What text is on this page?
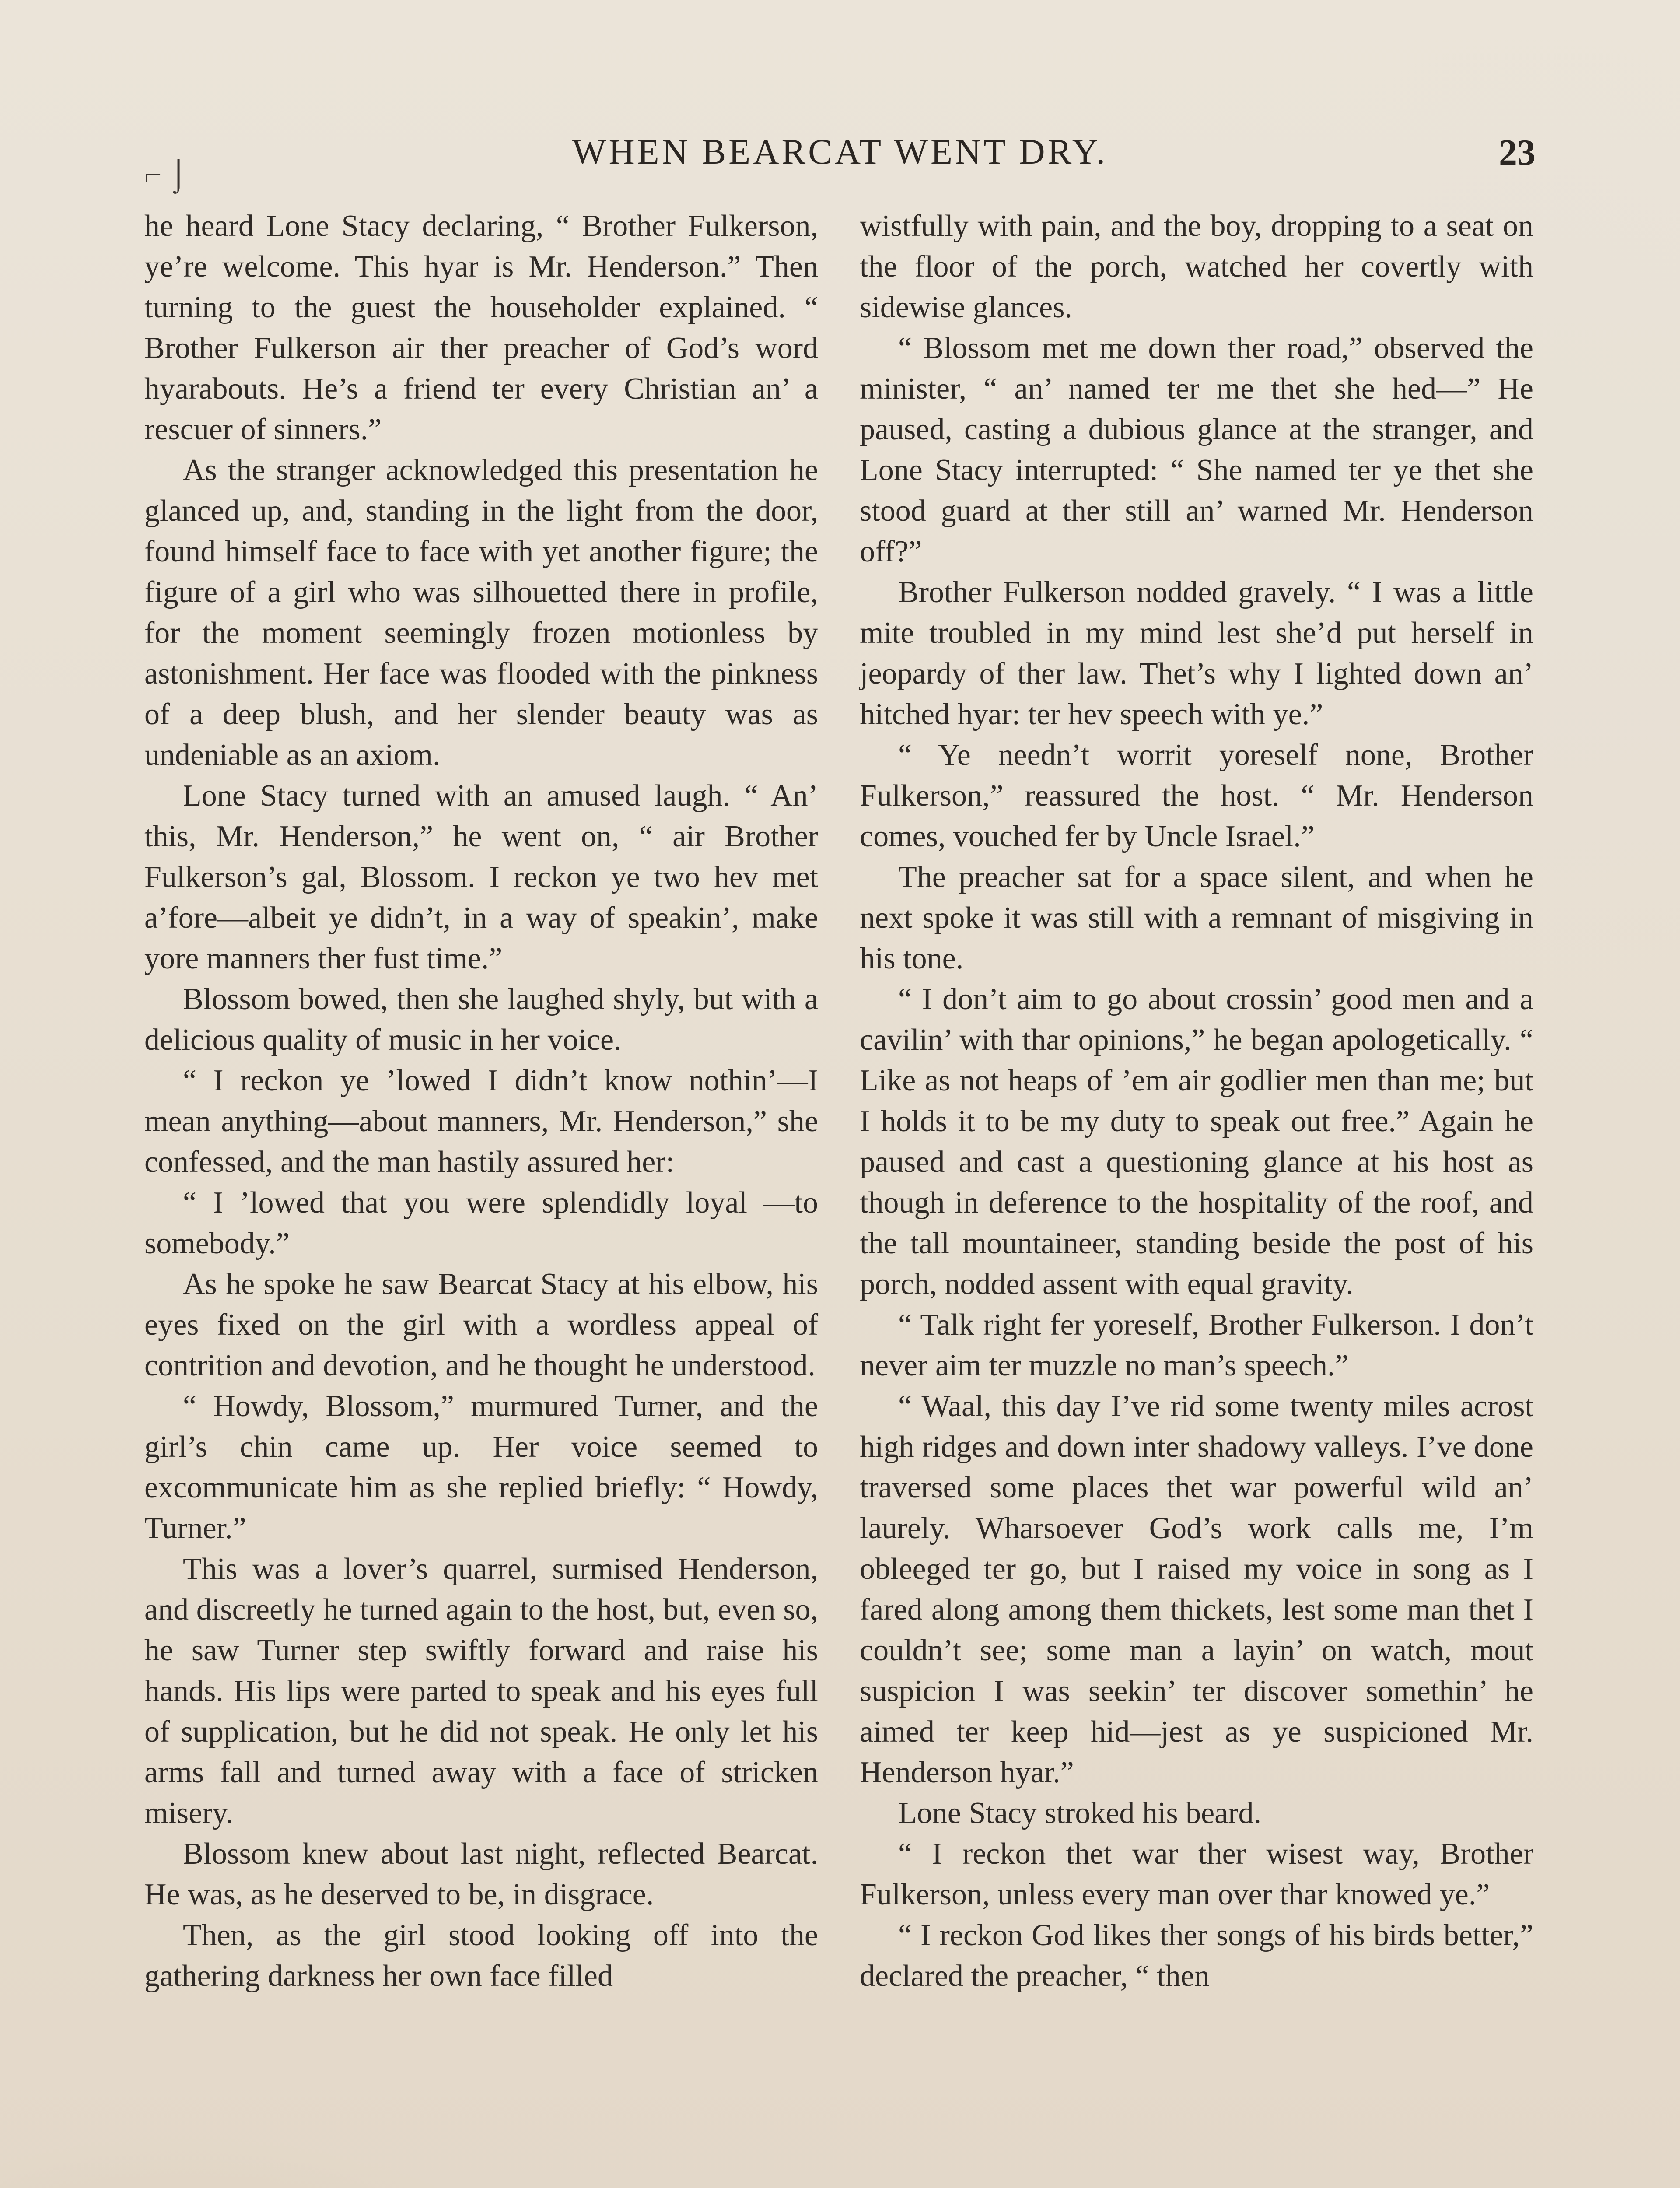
⌐ ⌡
WHEN BEARCAT WENT DRY.	23

he heard Lone Stacy declaring, “ Brother Fulkerson, ye’re welcome. This hyar is Mr. Henderson.” Then turning to the guest the householder explained. “ Brother Fulkerson air ther preacher of God’s word hyarabouts. He’s a friend ter every Christian an’ a rescuer of sinners.”

As the stranger acknowledged this presentation he glanced up, and, standing in the light from the door, found himself face to face with yet another figure; the figure of a girl who was silhouetted there in profile, for the moment seemingly frozen motionless by astonishment. Her face was flooded with the pinkness of a deep blush, and her slender beauty was as undeniable as an axiom.

Lone Stacy turned with an amused laugh. “ An’ this, Mr. Henderson,” he went on, “ air Brother Fulkerson’s gal, Blossom. I reckon ye two hev met a’fore—albeit ye didn’t, in a way of speakin’, make yore manners ther fust time.”

Blossom bowed, then she laughed shyly, but with a delicious quality of music in her voice.

“ I reckon ye ’lowed I didn’t know nothin’—I mean anything—about manners, Mr. Henderson,” she confessed, and the man hastily assured her:

“ I ’lowed that you were splendidly loyal —to somebody.”

As he spoke he saw Bearcat Stacy at his elbow, his eyes fixed on the girl with a wordless appeal of contrition and devotion, and he thought he understood.

“ Howdy, Blossom,” murmured Turner, and the girl’s chin came up. Her voice seemed to excommunicate him as she replied briefly: “ Howdy, Turner.”

This was a lover’s quarrel, surmised Henderson, and discreetly he turned again to the host, but, even so, he saw Turner step swiftly forward and raise his hands. His lips were parted to speak and his eyes full of supplication, but he did not speak. He only let his arms fall and turned away with a face of stricken misery.

Blossom knew about last night, reflected Bearcat. He was, as he deserved to be, in disgrace.

Then, as the girl stood looking off into the gathering darkness her own face filled

wistfully with pain, and the boy, dropping to a seat on the floor of the porch, watched her covertly with sidewise glances.

“ Blossom met me down ther road,” observed the minister, “ an’ named ter me thet she hed—” He paused, casting a dubious glance at the stranger, and Lone Stacy interrupted: “ She named ter ye thet she stood guard at ther still an’ warned Mr. Henderson off?”

Brother Fulkerson nodded gravely. “ I was a little mite troubled in my mind lest she’d put herself in jeopardy of ther law. Thet’s why I lighted down an’ hitched hyar: ter hev speech with ye.”

“ Ye needn’t worrit yoreself none, Brother Fulkerson,” reassured the host. “ Mr. Henderson comes, vouched fer by Uncle Israel.”

The preacher sat for a space silent, and when he next spoke it was still with a remnant of misgiving in his tone.

“ I don’t aim to go about crossin’ good men and a cavilin’ with thar opinions,” he began apologetically. “ Like as not heaps of ’em air godlier men than me; but I holds it to be my duty to speak out free.” Again he paused and cast a questioning glance at his host as though in deference to the hospitality of the roof, and the tall mountaineer, standing beside the post of his porch, nodded assent with equal gravity.

“ Talk right fer yoreself, Brother Fulkerson. I don’t never aim ter muzzle no man’s speech.”

“ Waal, this day I’ve rid some twenty miles acrost high ridges and down inter shadowy valleys. I’ve done traversed some places thet war powerful wild an’ laurely. Wharsoever God’s work calls me, I’m obleeged ter go, but I raised my voice in song as I fared along among them thickets, lest some man thet I couldn’t see; some man a layin’ on watch, mout suspicion I was seekin’ ter discover somethin’ he aimed ter keep hid—jest as ye suspicioned Mr. Henderson hyar.”

Lone Stacy stroked his beard.

“ I reckon thet war ther wisest way, Brother Fulkerson, unless every man over thar knowed ye.”

“ I reckon God likes ther songs of his birds better,” declared the preacher, “ then
